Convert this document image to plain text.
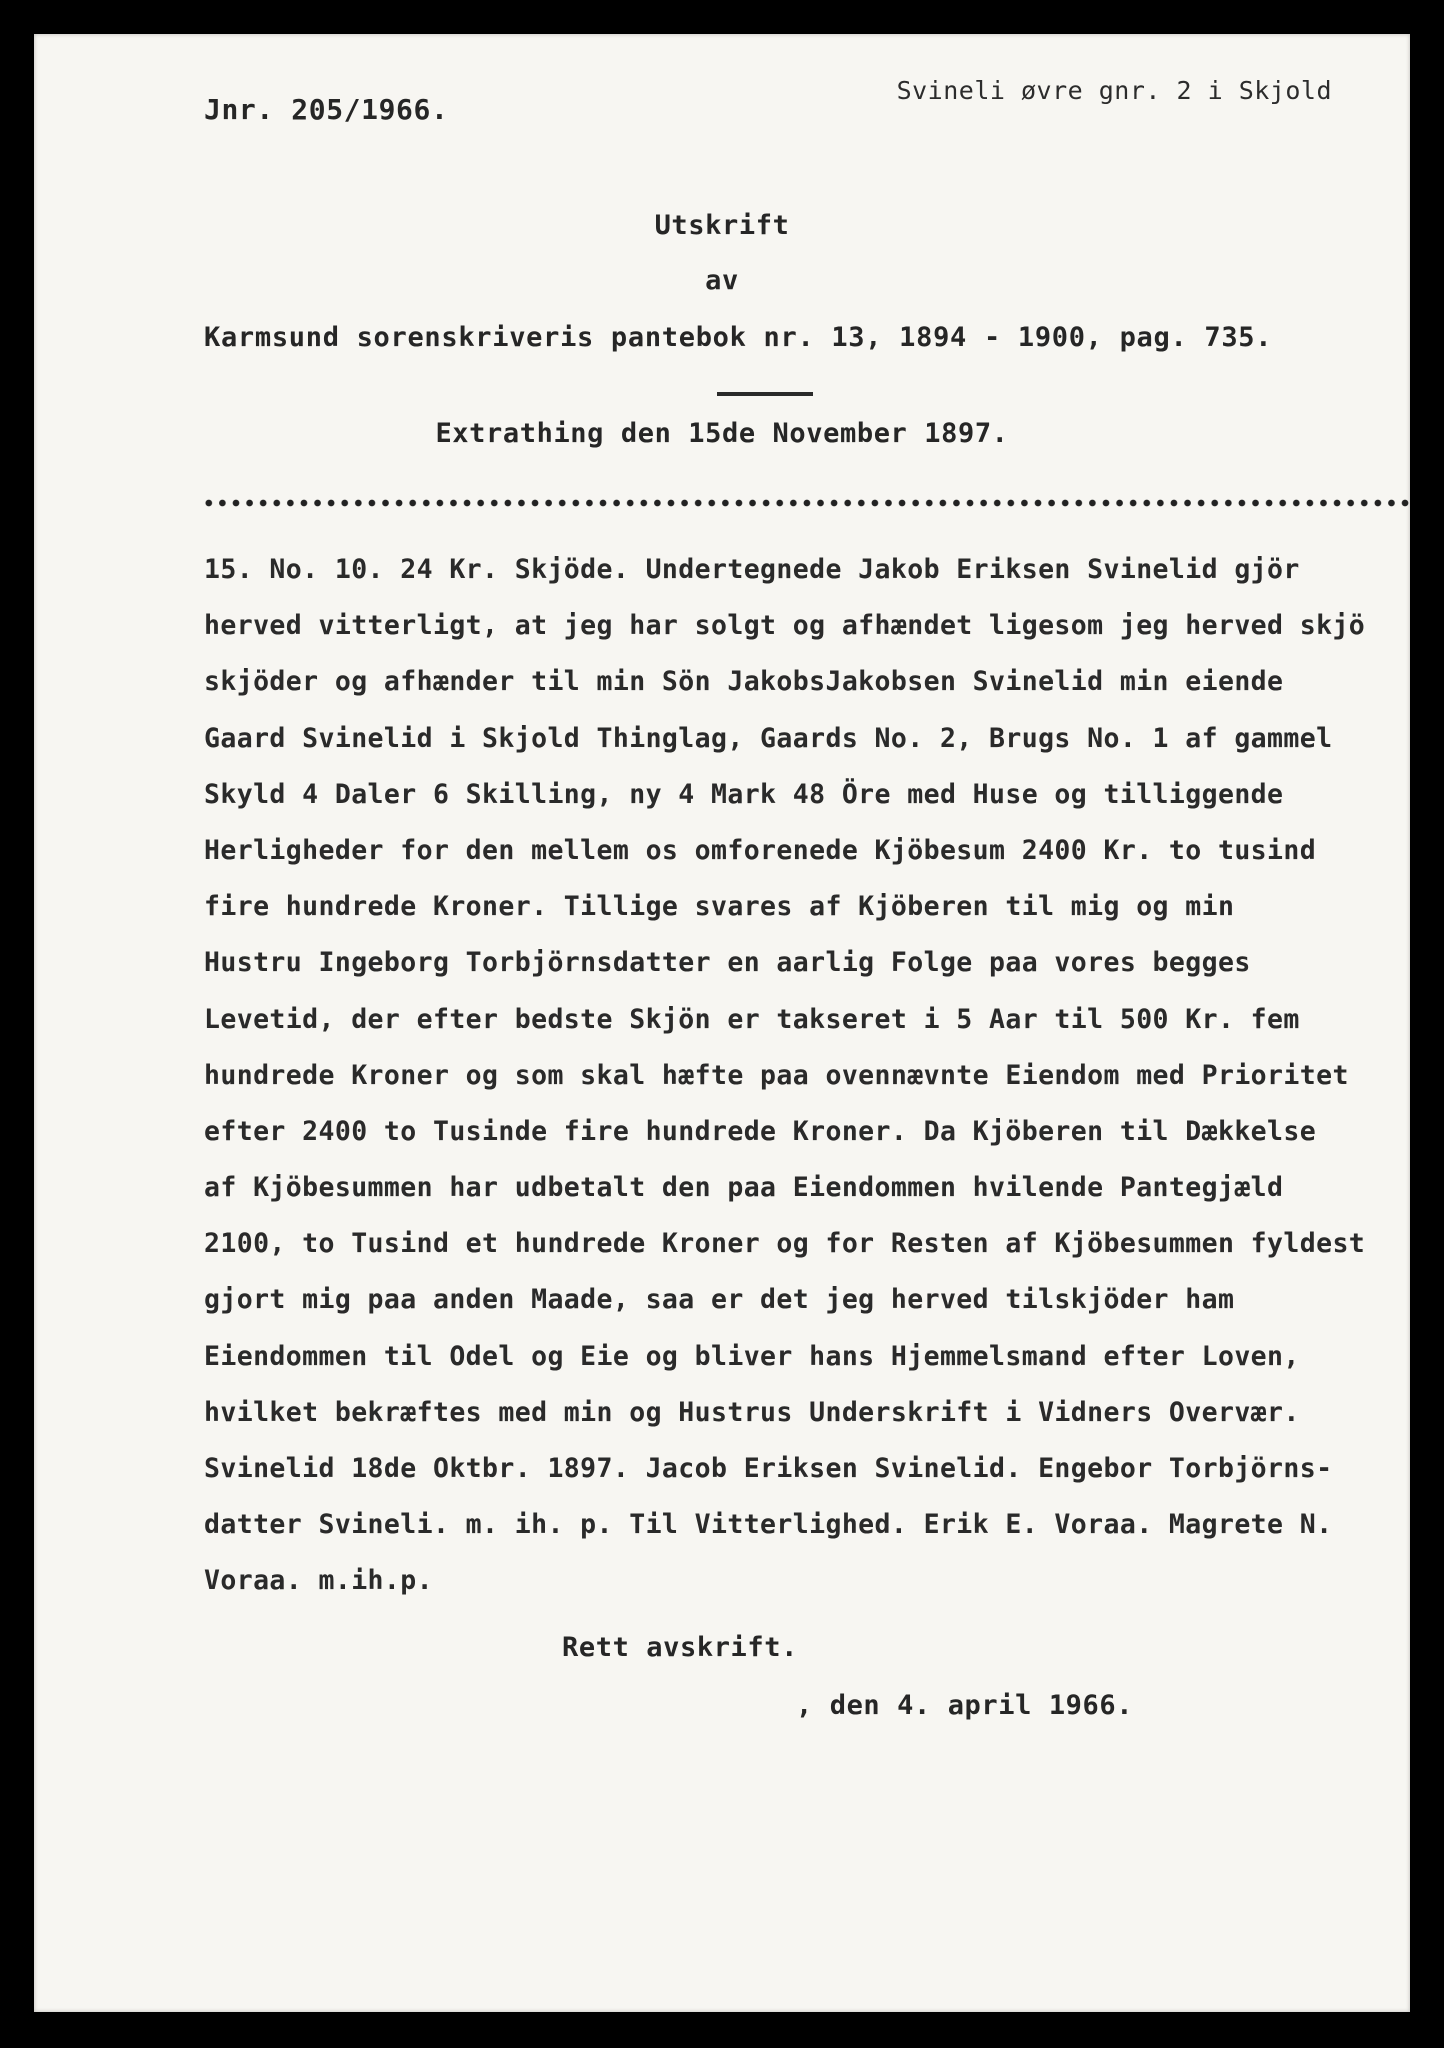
Jnr. 205/1966.
Svineli øvre gnr. 2 i Skjold
Utskrift
av
Karmsund sorenskriveris pantebok nr. 13, 1894 - 1900, pag. 735.
Extrathing den 15de November 1897.
15. No. 10. 24 Kr. Skjöde. Undertegnede Jakob Eriksen Svinelid gjör
herved vitterligt, at jeg har solgt og afhændet ligesom jeg herved skjö
skjöder og afhænder til min Sön JakobsJakobsen Svinelid min eiende
Gaard Svinelid i Skjold Thinglag, Gaards No. 2, Brugs No. 1 af gammel
Skyld 4 Daler 6 Skilling, ny 4 Mark 48 Öre med Huse og tilliggende
Herligheder for den mellem os omforenede Kjöbesum 2400 Kr. to tusind
fire hundrede Kroner. Tillige svares af Kjöberen til mig og min
Hustru Ingeborg Torbjörnsdatter en aarlig Folge paa vores begges
Levetid, der efter bedste Skjön er takseret i 5 Aar til 500 Kr. fem
hundrede Kroner og som skal hæfte paa ovennævnte Eiendom med Prioritet
efter 2400 to Tusinde fire hundrede Kroner. Da Kjöberen til Dækkelse
af Kjöbesummen har udbetalt den paa Eiendommen hvilende Pantegjæld
2100, to Tusind et hundrede Kroner og for Resten af Kjöbesummen fyldest
gjort mig paa anden Maade, saa er det jeg herved tilskjöder ham
Eiendommen til Odel og Eie og bliver hans Hjemmelsmand efter Loven,
hvilket bekræftes med min og Hustrus Underskrift i Vidners Overvær.
Svinelid 18de Oktbr. 1897. Jacob Eriksen Svinelid. Engebor Torbjörns-
datter Svineli. m. ih. p. Til Vitterlighed. Erik E. Voraa. Magrete N.
Voraa. m.ih.p.
Rett avskrift.
, den 4. april 1966.
